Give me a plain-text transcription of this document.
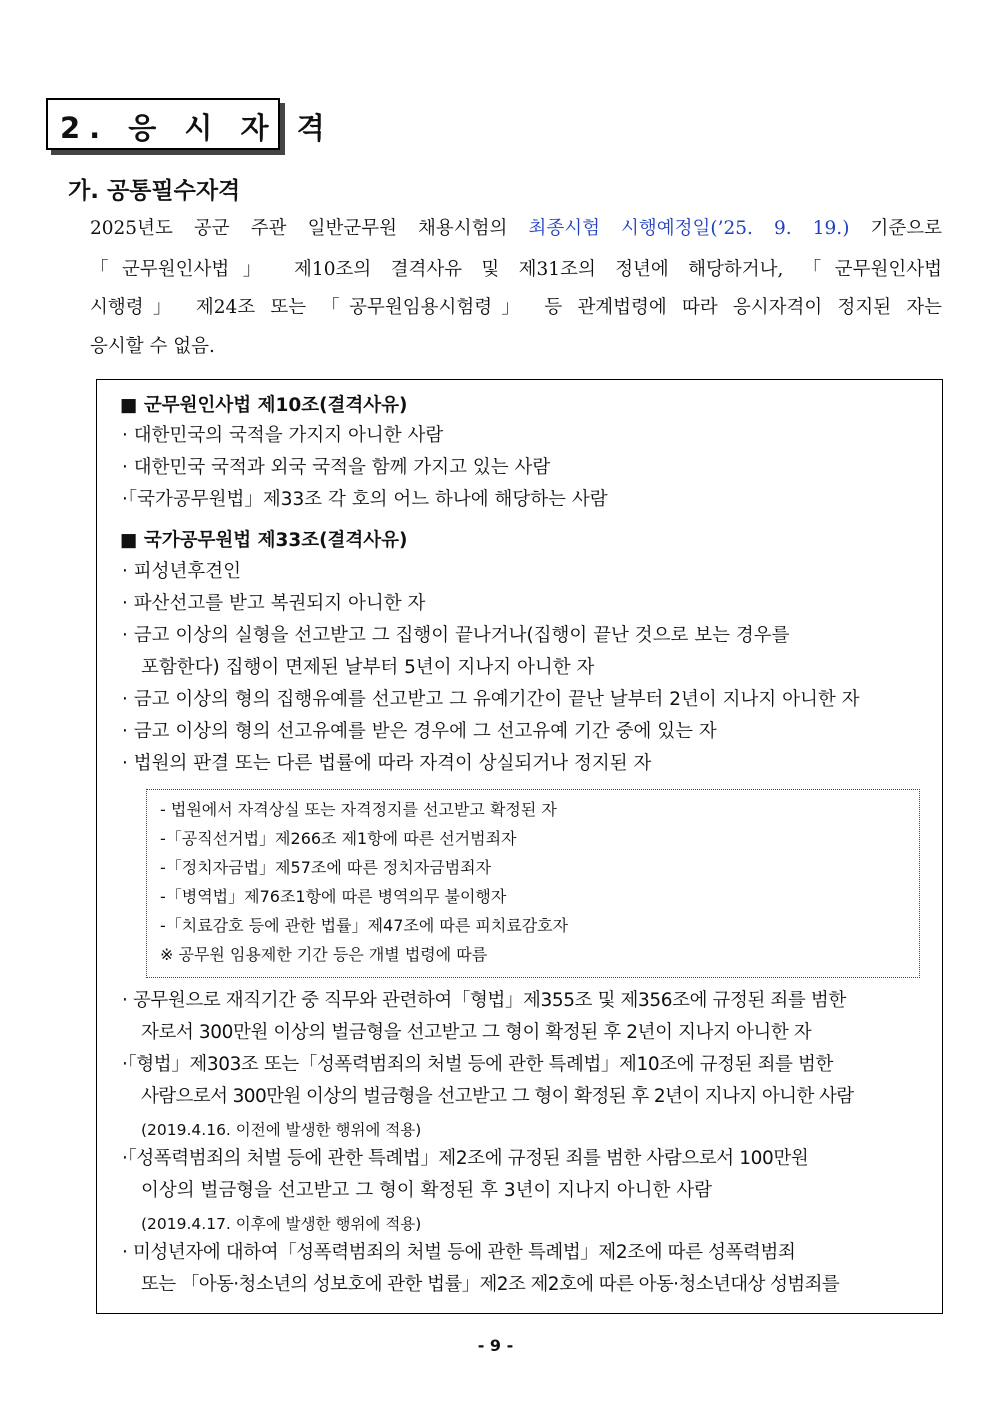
2. 응 시 자 격
가. 공통필수자격
2025년도 공군 주관 일반군무원 채용시험의 최종시험 시행예정일(’25. 9. 19.) 기준으로
「군무원인사법」 제10조의 결격사유 및 제31조의 정년에 해당하거나, 「군무원인사법
시행령」 제24조 또는 「공무원임용시험령」 등 관계법령에 따라 응시자격이 정지된 자는
응시할 수 없음.
■ 군무원인사법 제10조(결격사유)
· 대한민국의 국적을 가지지 아니한 사람
· 대한민국 국적과 외국 국적을 함께 가지고 있는 사람
·「국가공무원법」제33조 각 호의 어느 하나에 해당하는 사람
■ 국가공무원법 제33조(결격사유)
· 피성년후견인
· 파산선고를 받고 복권되지 아니한 자
· 금고 이상의 실형을 선고받고 그 집행이 끝나거나(집행이 끝난 것으로 보는 경우를
포함한다) 집행이 면제된 날부터 5년이 지나지 아니한 자
· 금고 이상의 형의 집행유예를 선고받고 그 유예기간이 끝난 날부터 2년이 지나지 아니한 자
· 금고 이상의 형의 선고유예를 받은 경우에 그 선고유예 기간 중에 있는 자
· 법원의 판결 또는 다른 법률에 따라 자격이 상실되거나 정지된 자
- 법원에서 자격상실 또는 자격정지를 선고받고 확정된 자
-「공직선거법」제266조 제1항에 따른 선거범죄자
-「정치자금법」제57조에 따른 정치자금범죄자
-「병역법」제76조1항에 따른 병역의무 불이행자
-「치료감호 등에 관한 법률」제47조에 따른 피치료감호자
※ 공무원 임용제한 기간 등은 개별 법령에 따름
· 공무원으로 재직기간 중 직무와 관련하여「형법」제355조 및 제356조에 규정된 죄를 범한
자로서 300만원 이상의 벌금형을 선고받고 그 형이 확정된 후 2년이 지나지 아니한 자
·「형법」제303조 또는「성폭력범죄의 처벌 등에 관한 특례법」제10조에 규정된 죄를 범한
사람으로서 300만원 이상의 벌금형을 선고받고 그 형이 확정된 후 2년이 지나지 아니한 사람
(2019.4.16. 이전에 발생한 행위에 적용)
·「성폭력범죄의 처벌 등에 관한 특례법」제2조에 규정된 죄를 범한 사람으로서 100만원
이상의 벌금형을 선고받고 그 형이 확정된 후 3년이 지나지 아니한 사람
(2019.4.17. 이후에 발생한 행위에 적용)
· 미성년자에 대하여「성폭력범죄의 처벌 등에 관한 특례법」제2조에 따른 성폭력범죄
또는 「아동·청소년의 성보호에 관한 법률」제2조 제2호에 따른 아동·청소년대상 성범죄를
- 9 -
